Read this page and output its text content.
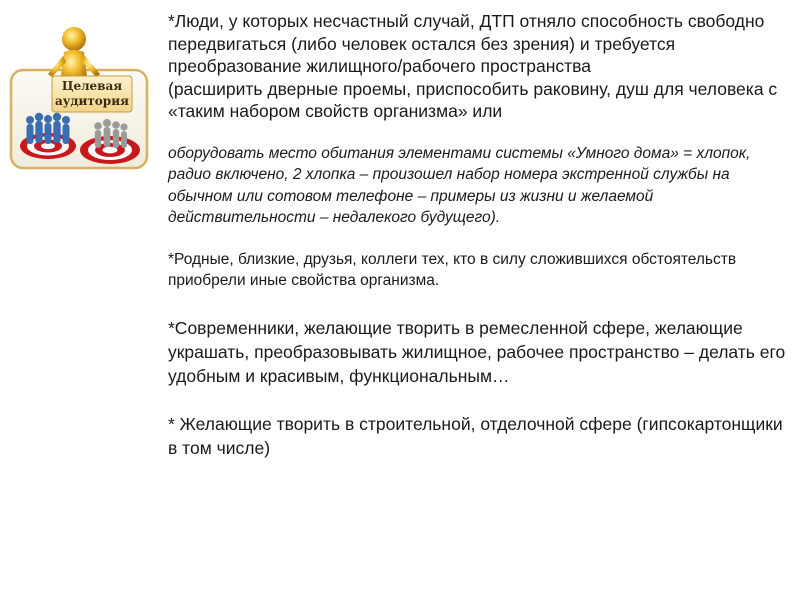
Целевая
аудитория

*Люди, у которых несчастный случай, ДТП отняло способность свободно передвигаться (либо человек остался без зрения) и требуется преобразование жилищного/рабочего пространства

(расширить дверные проемы, приспособить раковину, душ для человека с «таким набором свойств организма» или

оборудовать место обитания элементами системы «Умного дома» = хлопок, радио включено, 2 хлопка – произошел набор номера экстренной службы на обычном или сотовом телефоне – примеры из жизни и желаемой действительности – недалекого будущего).

*Родные, близкие, друзья, коллеги тех, кто в силу сложившихся обстоятельств приобрели иные свойства организма.

*Современники, желающие творить в ремесленной сфере, желающие украшать, преобразовывать жилищное, рабочее пространство – делать его удобным и красивым, функциональным…

* Желающие творить в строительной, отделочной сфере (гипсокартонщики в том числе)
